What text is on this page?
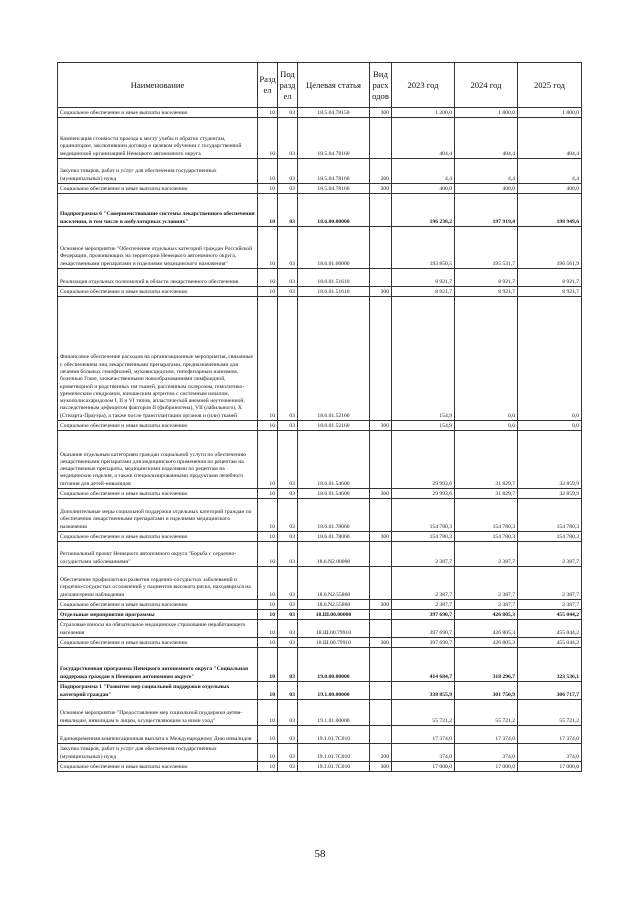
Наименование	Раздел	Подраздел	Целевая статья	Вид расходов	2023 год	2024 год	2025 год
Социальное обеспечение и иные выплаты населению	10	03	18.5.04.78150	300	1 200,0	1 800,0	1 800,0
Компенсация стоимости проезда к месту учебы и обратно студентам, ординаторам, заключившим договор о целевом обучении с государственной медицинской организацией Ненецкого автономного округа	10	03	18.5.04.78160		404,4	404,4	404,4
Закупка товаров, работ и услуг для обеспечения государственных (муниципальных) нужд	10	03	18.5.04.78160	200	4,4	4,4	4,4
Социальное обеспечение и иные выплаты населению	10	03	18.5.04.78160	300	400,0	400,0	400,0
Подпрограмма 6 "Совершенствование системы лекарственного обеспечения населения, в том числе в амбулаторных условиях"	10	03	18.6.00.00000		196 238,2	197 919,4	198 949,6
Основное мероприятие "Обеспечение отдельных категорий граждан Российской Федерации, проживающих на территории Ненецкого автономного округа, лекарственными препаратами и изделиями медицинского назначения"	10	03	18.6.01.00000		193 850,5	195 531,7	196 561,9
Реализация отдельных полномочий в области лекарственного обеспечения	10	03	18.6.01.51610		8 921,7	8 921,7	8 921,7
Социальное обеспечение и иные выплаты населению	10	03	18.6.01.51610	300	8 921,7	8 921,7	8 921,7
Финансовое обеспечение расходов на организационные мероприятия, связанные с обеспечением лиц лекарственными препаратами, предназначенными для лечения больных гемофилией, муковисцидозом, гипофизарным нанизмом, болезнью Гоше, злокачественными новообразованиями лимфоидной, кроветворной и родственных им тканей, рассеянным склерозом, гемолитико-уремическим синдромом, юношеским артритом с системным началом, мукополисахаридозом I, II и VI типов, апластической анемией неуточненной, наследственным дефицитом факторов II (фибриногена), VII (лабильного), X (Стюарта-Прауэра), а также после трансплантации органов и (или) тканей	10	03	18.6.01.52160		154,9	0,0	0,0
Социальное обеспечение и иные выплаты населению	10	03	18.6.01.52160	300	154,9	0,0	0,0
Оказание отдельным категориям граждан социальной услуги по обеспечению лекарственными препаратами для медицинского применения по рецептам на лекарственные препараты, медицинскими изделиями по рецептам на медицинские изделия, а также специализированными продуктами лечебного питания для детей-инвалидов	10	03	18.6.01.54600		29 993,6	31 829,7	32 859,9
Социальное обеспечение и иные выплаты населению	10	03	18.6.01.54600	300	29 993,6	31 829,7	32 859,9
Дополнительные меры социальной поддержки отдельных категорий граждан по обеспечению лекарственными препаратами и изделиями медицинского назначения	10	03	18.6.01.78060		154 780,3	154 780,3	154 780,3
Социальное обеспечение и иные выплаты населению	10	03	18.6.01.78060	300	154 780,3	154 780,3	154 780,3
Региональный проект Ненецкого автономного округа "Борьба с сердечно-сосудистыми заболеваниями"	10	03	18.6.N2.00000		2 387,7	2 387,7	2 387,7
Обеспечение профилактики развития сердечно-сосудистых заболеваний и сердечно-сосудистых осложнений у пациентов высокого риска, находящихся на диспансерном наблюдении	10	03	18.6.N2.55860		2 387,7	2 387,7	2 387,7
Социальное обеспечение и иные выплаты населению	10	03	18.6.N2.55860	300	2 387,7	2 387,7	2 387,7
Отдельные мероприятия программы	10	03	18.Ш.00.00000		397 690,7	426 805,3	455 044,2
Страховые взносы на обязательное медицинское страхование неработающего населения	10	03	18.Ш.00.79910		397 690,7	426 805,3	455 044,2
Социальное обеспечение и иные выплаты населению	10	03	18.Ш.00.79910	300	397 690,7	426 805,3	455 044,2
Государственная программа Ненецкого автономного округа "Социальная поддержка граждан в Ненецком автономном округе"	10	03	19.0.00.00000		414 684,7	318 296,7	323 536,1
Подпрограмма 1 "Развитие мер социальной поддержки отдельных категорий граждан"	10	03	19.1.00.00000		338 855,9	301 750,9	306 717,7
Основное мероприятие "Предоставление мер социальной поддержки детям-инвалидам, инвалидам и лицам, осуществляющим за ними уход"	10	03	19.1.01.00000		55 721,2	55 721,2	55 721,2
Единовременная компенсационная выплата к Международному Дню инвалидов	10	03	19.1.01.7С010		17 374,0	17 374,0	17 374,0
Закупка товаров, работ и услуг для обеспечения государственных (муниципальных) нужд	10	03	19.1.01.7С010	200	374,0	374,0	374,0
Социальное обеспечение и иные выплаты населению	10	03	19.1.01.7С010	300	17 000,0	17 000,0	17 000,0
58
